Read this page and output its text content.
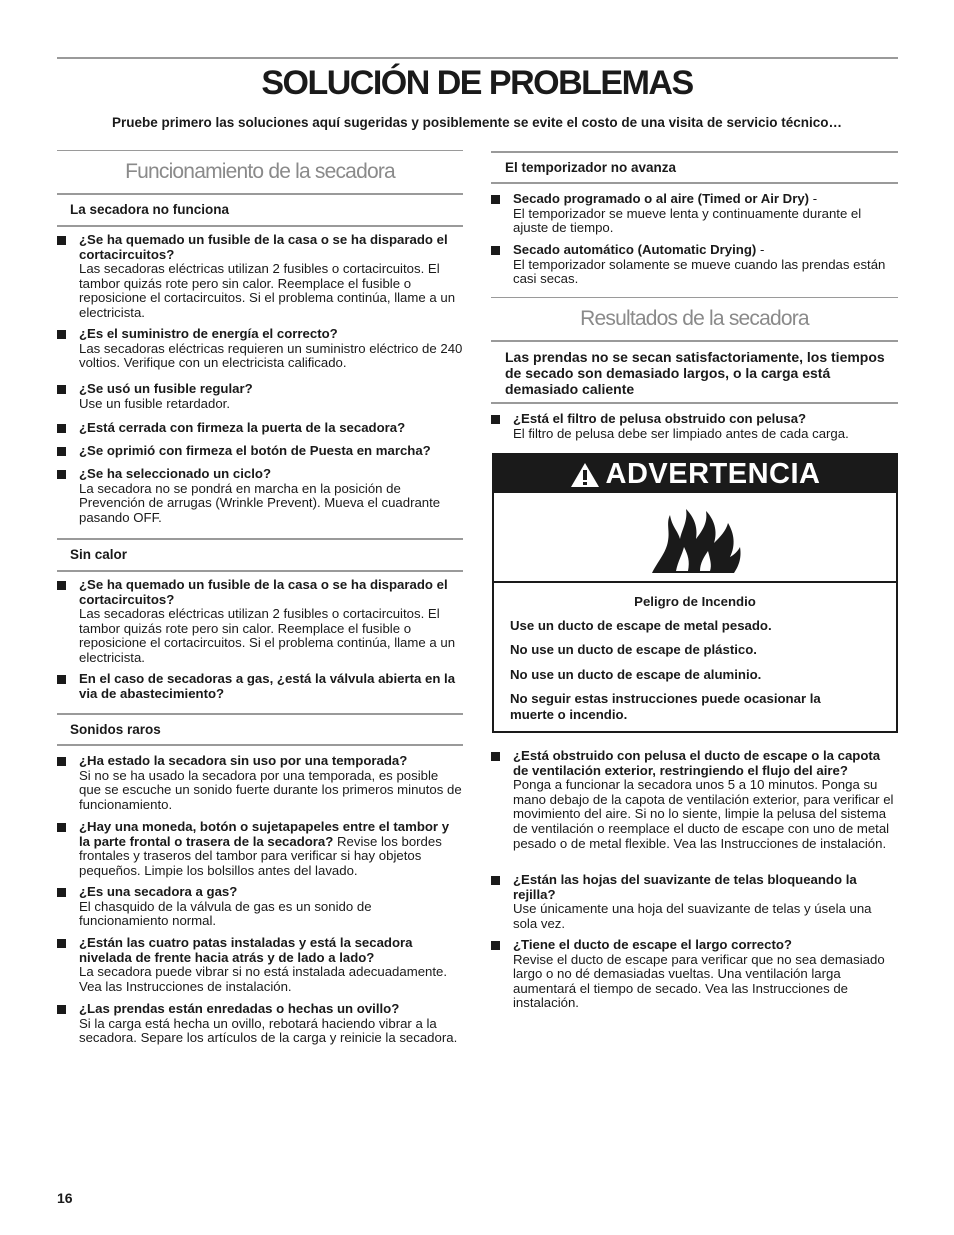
SOLUCIÓN DE PROBLEMAS
Pruebe primero las soluciones aquí sugeridas y posiblemente se evite el costo de una visita de servicio técnico…
Funcionamiento de la secadora
La secadora no funciona
¿Se ha quemado un fusible de la casa o se ha disparado el cortacircuitos?
Las secadoras eléctricas utilizan 2 fusibles o cortacircuitos. El tambor quizás rote pero sin calor. Reemplace el fusible o reposicione el cortacircuitos. Si el problema continúa, llame a un electricista.
¿Es el suministro de energía el correcto?
Las secadoras eléctricas requieren un suministro eléctrico de 240 voltios. Verifique con un electricista calificado.
¿Se usó un fusible regular?
Use un fusible retardador.
¿Está cerrada con firmeza la puerta de la secadora?
¿Se oprimió con firmeza el botón de Puesta en marcha?
¿Se ha seleccionado un ciclo?
La secadora no se pondrá en marcha en la posición de Prevención de arrugas (Wrinkle Prevent). Mueva el cuadrante pasando OFF.
Sin calor
¿Se ha quemado un fusible de la casa o se ha disparado el cortacircuitos?
Las secadoras eléctricas utilizan 2 fusibles o cortacircuitos. El tambor quizás rote pero sin calor. Reemplace el fusible o reposicione el cortacircuitos. Si el problema continúa, llame a un electricista.
En el caso de secadoras a gas, ¿está la válvula abierta en la via de abastecimiento?
Sonidos raros
¿Ha estado la secadora sin uso por una temporada?
Si no se ha usado la secadora por una temporada, es posible que se escuche un sonido fuerte durante los primeros minutos de funcionamiento.
¿Hay una moneda, botón o sujetapapeles entre el tambor y la parte frontal o trasera de la secadora? Revise los bordes frontales y traseros del tambor para verificar si hay objetos pequeños. Limpie los bolsillos antes del lavado.
¿Es una secadora a gas?
El chasquido de la válvula de gas es un sonido de funcionamiento normal.
¿Están las cuatro patas instaladas y está la secadora nivelada de frente hacia atrás y de lado a lado?
La secadora puede vibrar si no está instalada adecuadamente. Vea las Instrucciones de instalación.
¿Las prendas están enredadas o hechas un ovillo?
Si la carga está hecha un ovillo, rebotará haciendo vibrar a la secadora. Separe los artículos de la carga y reinicie la secadora.
El temporizador no avanza
Secado programado o al aire (Timed or Air Dry) -
El temporizador se mueve lenta y continuamente durante el ajuste de tiempo.
Secado automático (Automatic Drying) -
El temporizador solamente se mueve cuando las prendas están casi secas.
Resultados de la secadora
Las prendas no se secan satisfactoriamente, los tiempos de secado son demasiado largos, o la carga está demasiado caliente
¿Está el filtro de pelusa obstruido con pelusa?
El filtro de pelusa debe ser limpiado antes de cada carga.
¿Está obstruido con pelusa el ducto de escape o la capota de ventilación exterior, restringiendo el flujo del aire?
Ponga a funcionar la secadora unos 5 a 10 minutos. Ponga su mano debajo de la capota de ventilación exterior, para verificar el movimiento del aire. Si no lo siente, limpie la pelusa del sistema de ventilación o reemplace el ducto de escape con uno de metal pesado o de metal flexible. Vea las Instrucciones de instalación.
¿Están las hojas del suavizante de telas bloqueando la rejilla?
Use únicamente una hoja del suavizante de telas y úsela una sola vez.
¿Tiene el ducto de escape el largo correcto?
Revise el ducto de escape para verificar que no sea demasiado largo o no dé demasiadas vueltas. Una ventilación larga aumentará el tiempo de secado. Vea las Instrucciones de instalación.
ADVERTENCIA
Peligro de Incendio
Use un ducto de escape de metal pesado.
No use un ducto de escape de plástico.
No use un ducto de escape de aluminio.
No seguir estas instrucciones puede ocasionar la muerte o incendio.
16
